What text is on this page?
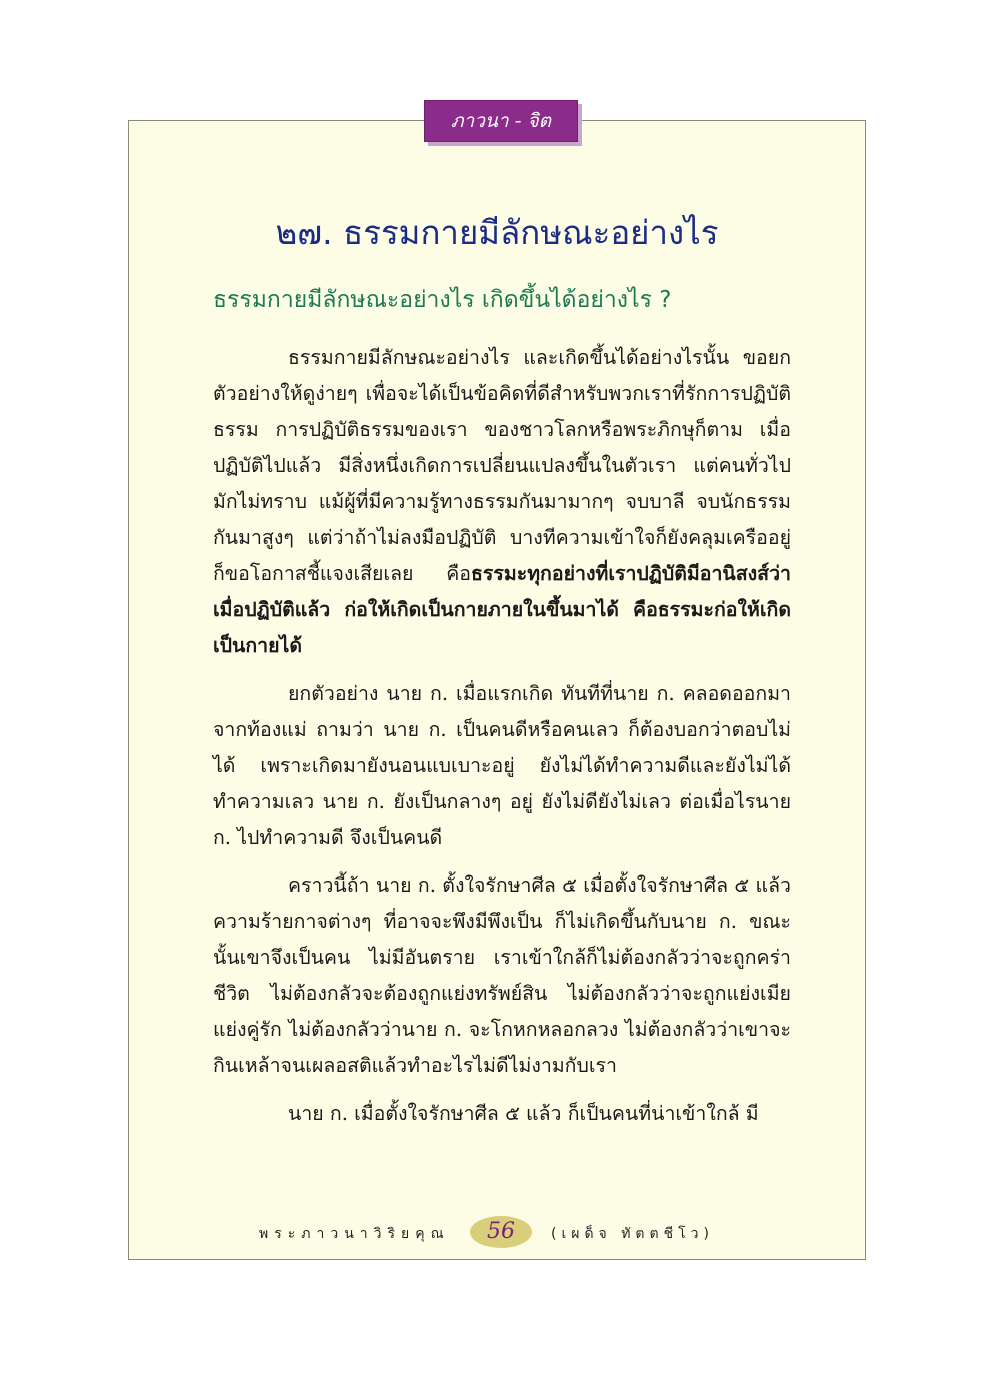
ภาวนา - จิต
๒๗. ธรรมกายมีลักษณะอย่างไร
ธรรมกายมีลักษณะอย่างไร เกิดขึ้นได้อย่างไร ?

ธรรมกายมีลักษณะอย่างไร และเกิดขึ้นได้อย่างไรนั้น ขอยกตัวอย่างให้ดูง่ายๆ เพื่อจะได้เป็นข้อคิดที่ดีสำหรับพวกเราที่รักการปฏิบัติธรรม การปฏิบัติธรรมของเรา ของชาวโลกหรือพระภิกษุก็ตาม เมื่อปฏิบัติไปแล้ว มีสิ่งหนึ่งเกิดการเปลี่ยนแปลงขึ้นในตัวเรา แต่คนทั่วไปมักไม่ทราบ แม้ผู้ที่มีความรู้ทางธรรมกันมามากๆ จบบาลี จบนักธรรมกันมาสูงๆ แต่ว่าถ้าไม่ลงมือปฏิบัติ บางทีความเข้าใจก็ยังคลุมเครืออยู่ ก็ขอโอกาสชี้แจงเสียเลย คือธรรมะทุกอย่างที่เราปฏิบัติมีอานิสงส์ว่า เมื่อปฏิบัติแล้ว ก่อให้เกิดเป็นกายภายในขึ้นมาได้ คือธรรมะก่อให้เกิดเป็นกายได้

ยกตัวอย่าง นาย ก. เมื่อแรกเกิด ทันทีที่นาย ก. คลอดออกมาจากท้องแม่ ถามว่า นาย ก. เป็นคนดีหรือคนเลว ก็ต้องบอกว่าตอบไม่ได้ เพราะเกิดมายังนอนแบเบาะอยู่ ยังไม่ได้ทำความดีและยังไม่ได้ทำความเลว นาย ก. ยังเป็นกลางๆ อยู่ ยังไม่ดียังไม่เลว ต่อเมื่อไรนาย ก. ไปทำความดี จึงเป็นคนดี

คราวนี้ถ้า นาย ก. ตั้งใจรักษาศีล ๕ เมื่อตั้งใจรักษาศีล ๕ แล้ว ความร้ายกาจต่างๆ ที่อาจจะพึงมีพึงเป็น ก็ไม่เกิดขึ้นกับนาย ก. ขณะนั้นเขาจึงเป็นคน ไม่มีอันตราย เราเข้าใกล้ก็ไม่ต้องกลัวว่าจะถูกคร่าชีวิต ไม่ต้องกลัวจะต้องถูกแย่งทรัพย์สิน ไม่ต้องกลัวว่าจะถูกแย่งเมีย แย่งคู่รัก ไม่ต้องกลัวว่านาย ก. จะโกหกหลอกลวง ไม่ต้องกลัวว่าเขาจะกินเหล้าจนเผลอสติแล้วทำอะไรไม่ดีไม่งามกับเรา

นาย ก. เมื่อตั้งใจรักษาศีล ๕ แล้ว ก็เป็นคนที่น่าเข้าใกล้ มี

พระภาวนาวิริยคุณ	56	(เผด็จ ทัตตชีโว)
